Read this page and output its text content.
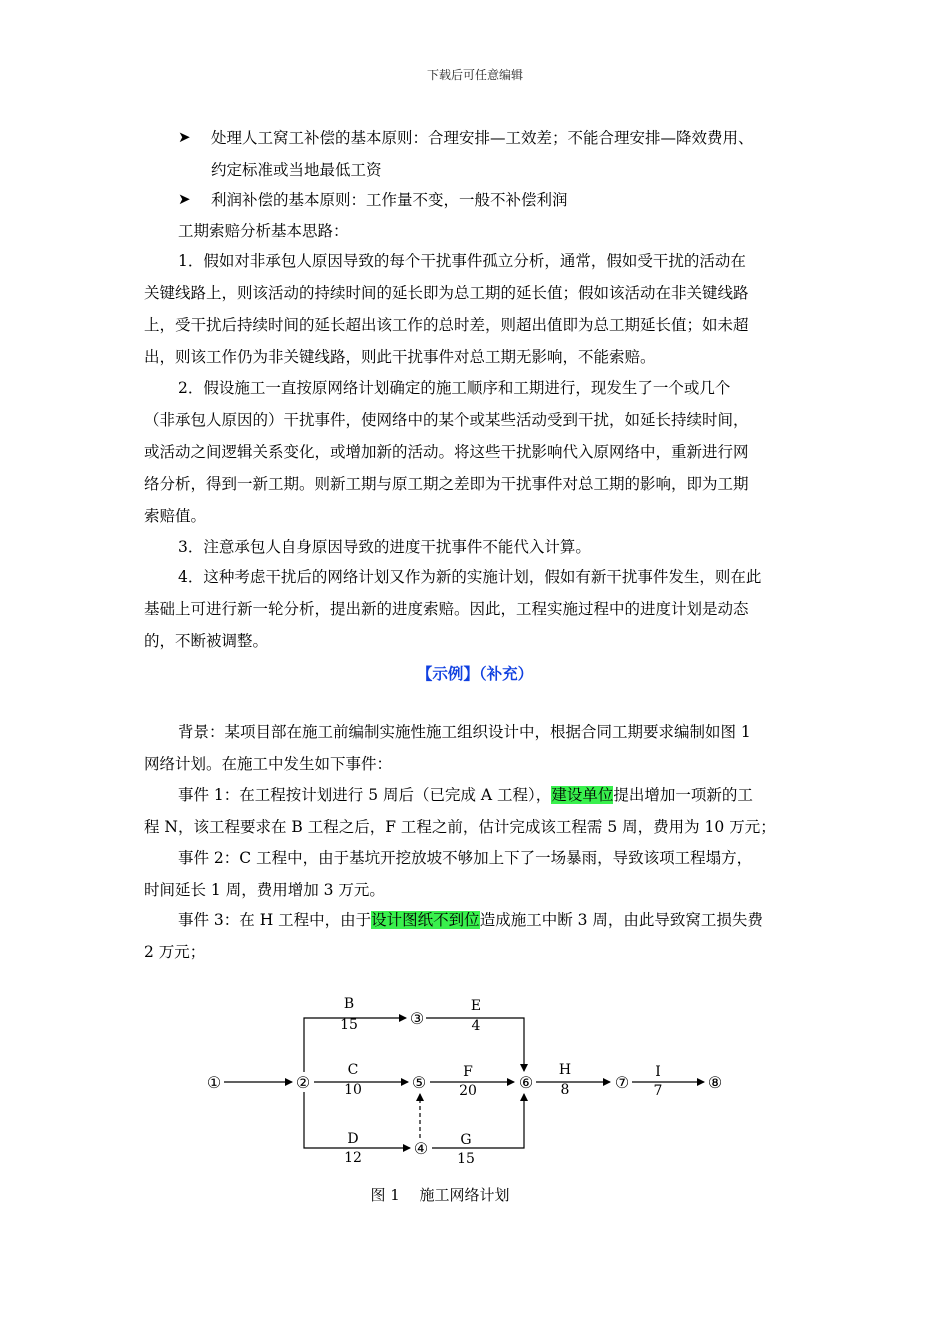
下载后可任意编辑
➤ 处理人工窝工补偿的基本原则：合理安排—工效差；不能合理安排—降效费用、
约定标准或当地最低工资
➤ 利润补偿的基本原则：工作量不变，一般不补偿利润
工期索赔分析基本思路：
1．假如对非承包人原因导致的每个干扰事件孤立分析，通常，假如受干扰的活动在
关键线路上，则该活动的持续时间的延长即为总工期的延长值；假如该活动在非关键线路
上，受干扰后持续时间的延长超出该工作的总时差，则超出值即为总工期延长值；如未超
出，则该工作仍为非关键线路，则此干扰事件对总工期无影响，不能索赔。
2．假设施工一直按原网络计划确定的施工顺序和工期进行，现发生了一个或几个
（非承包人原因的）干扰事件，使网络中的某个或某些活动受到干扰，如延长持续时间，
或活动之间逻辑关系变化，或增加新的活动。将这些干扰影响代入原网络中，重新进行网
络分析，得到一新工期。则新工期与原工期之差即为干扰事件对总工期的影响，即为工期
索赔值。
3．注意承包人自身原因导致的进度干扰事件不能代入计算。
4．这种考虑干扰后的网络计划又作为新的实施计划，假如有新干扰事件发生，则在此
基础上可进行新一轮分析，提出新的进度索赔。因此，工程实施过程中的进度计划是动态
的，不断被调整。
【示例】（补充）
背景：某项目部在施工前编制实施性施工组织设计中，根据合同工期要求编制如图 1
网络计划。在施工中发生如下事件：
事件 1：在工程按计划进行 5 周后（已完成 A 工程），建设单位提出增加一项新的工
程 N，该工程要求在 B 工程之后，F 工程之前，估计完成该工程需 5 周，费用为 10 万元；
事件 2：C 工程中，由于基坑开挖放坡不够加上下了一场暴雨，导致该项工程塌方，
时间延长 1 周，费用增加 3 万元。
事件 3：在 H 工程中，由于设计图纸不到位造成施工中断 3 周，由此导致窝工损失费
2 万元；
①	②
③
④
⑤	⑥	⑦	⑧
B
15
E
4
C
10
F
20
H
8
I
7
D
12
G
15
图 1　 施工网络计划
